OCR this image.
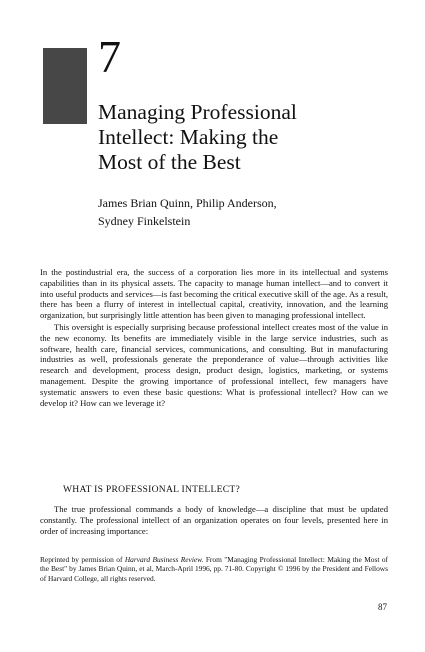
7
Managing Professional
Intellect: Making the
Most of the Best
James Brian Quinn, Philip Anderson,
Sydney Finkelstein

In the postindustrial era, the success of a corporation lies more in its intellectual and systems capabilities than in its physical assets. The capacity to manage human intellect—and to convert it into useful products and services—is fast becoming the critical executive skill of the age. As a result, there has been a flurry of interest in intellectual capital, creativity, innovation, and the learning organization, but surprisingly little attention has been given to managing professional intellect.

This oversight is especially surprising because professional intellect creates most of the value in the new economy. Its benefits are immediately visible in the large service industries, such as software, health care, financial services, communications, and consulting. But in manufacturing industries as well, professionals generate the preponderance of value—through activities like research and development, process design, product design, logistics, marketing, or systems management. Despite the growing importance of professional intellect, few managers have systematic answers to even these basic questions: What is professional intellect? How can we develop it? How can we leverage it?

WHAT IS PROFESSIONAL INTELLECT?

The true professional commands a body of knowledge—a discipline that must be updated constantly. The professional intellect of an organization operates on four levels, presented here in order of increasing importance:

Reprinted by permission of Harvard Business Review. From "Managing Professional Intellect: Making the Most of the Best" by James Brian Quinn, et al, March-April 1996, pp. 71-80. Copyright © 1996 by the President and Fellows of Harvard College, all rights reserved.
87
